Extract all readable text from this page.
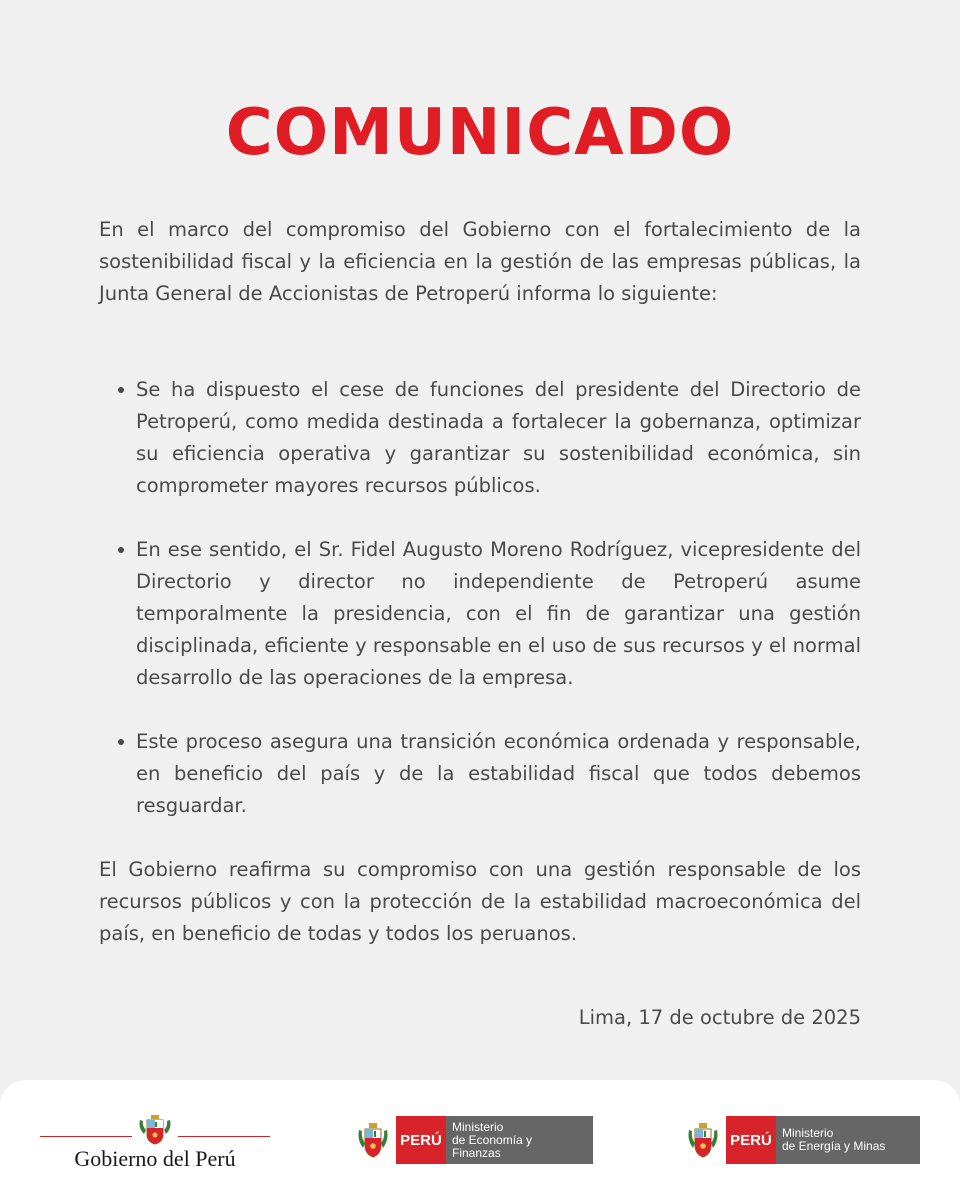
COMUNICADO

En el marco del compromiso del Gobierno con el fortalecimiento de la sostenibilidad fiscal y la eficiencia en la gestión de las empresas públicas, la Junta General de Accionistas de Petroperú informa lo siguiente:

Se ha dispuesto el cese de funciones del presidente del Directorio de Petroperú, como medida destinada a fortalecer la gobernanza, optimizar su eficiencia operativa y garantizar su sostenibilidad económica, sin comprometer mayores recursos públicos.
En ese sentido, el Sr. Fidel Augusto Moreno Rodríguez, vicepresidente del Directorio y director no independiente de Petroperú asume temporalmente la presidencia, con el fin de garantizar una gestión disciplinada, eficiente y responsable en el uso de sus recursos y el normal desarrollo de las operaciones de la empresa.
Este proceso asegura una transición económica ordenada y responsable, en beneficio del país y de la estabilidad fiscal que todos debemos resguardar.

El Gobierno reafirma su compromiso con una gestión responsable de los recursos públicos y con la protección de la estabilidad macroeconómica del país, en beneficio de todas y todos los peruanos.

Lima, 17 de octubre de 2025

Gobierno del Perú
PERÚ
Ministerio
de Economía y Finanzas
PERÚ Ministerio
de Energía y Minas
